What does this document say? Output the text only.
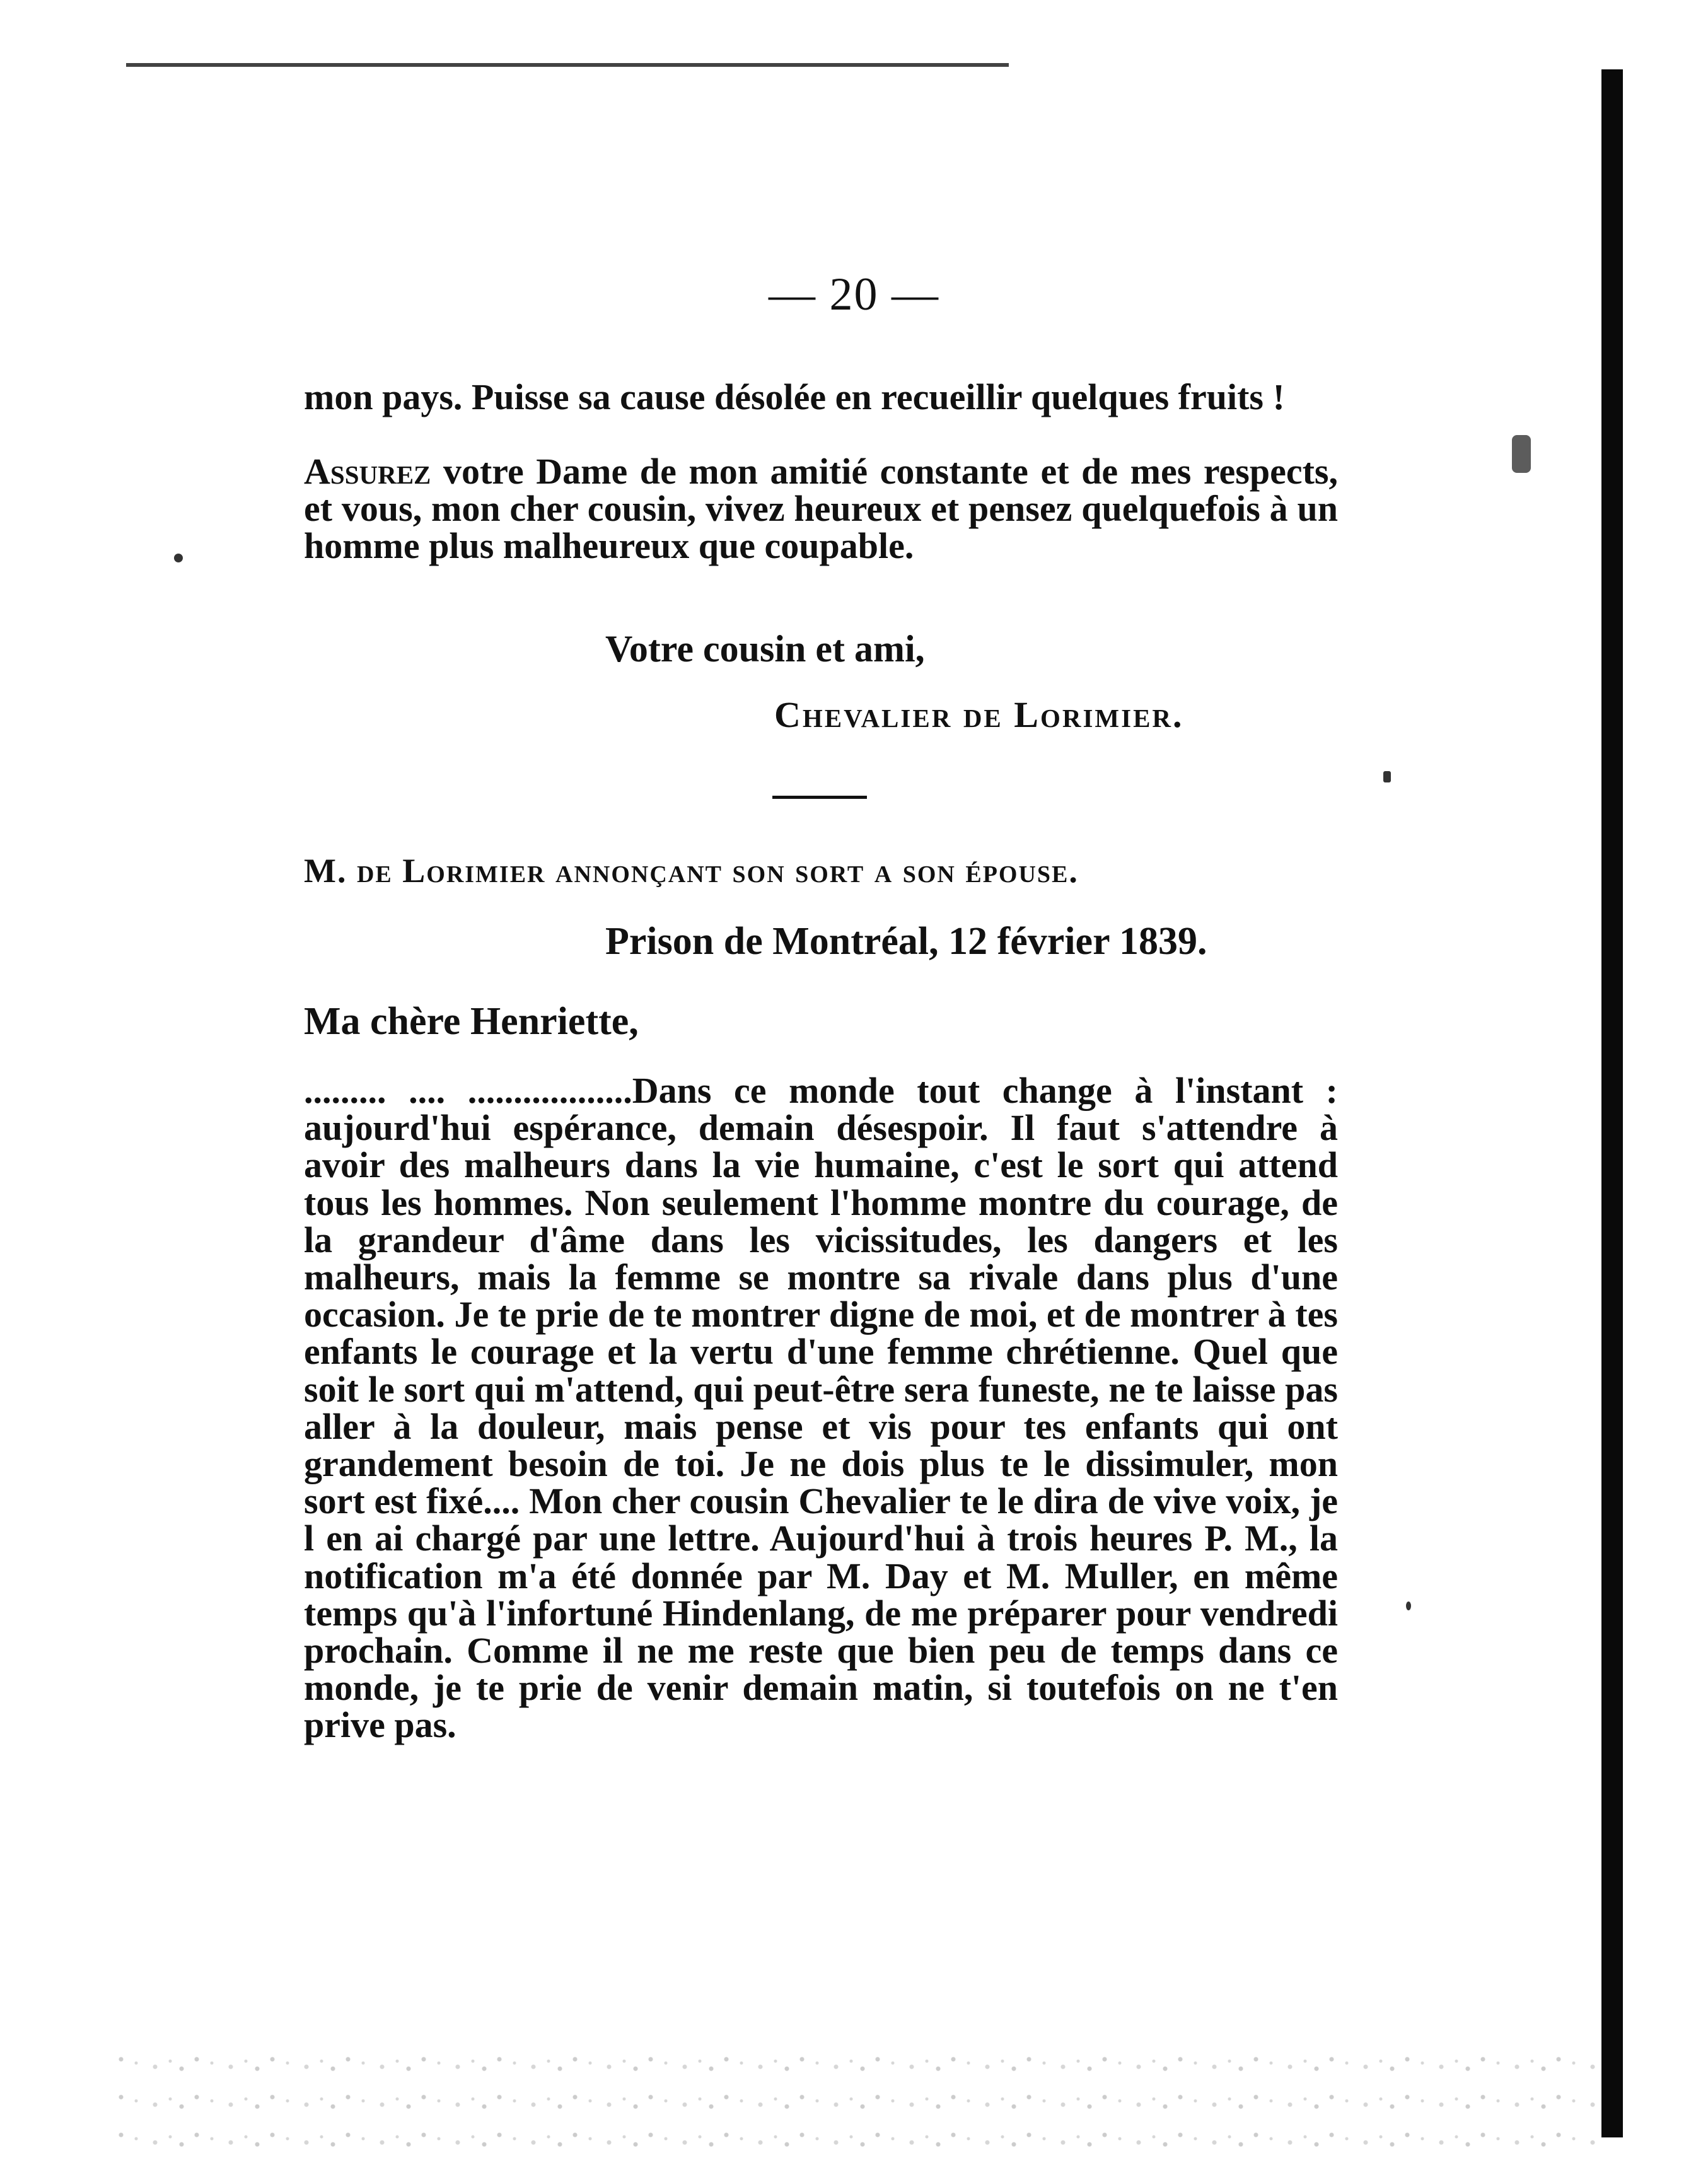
— 20 —
mon pays. Puisse sa cause désolée en recueillir quelques fruits !
Assurez votre Dame de mon amitié constante et de mes respects, et vous, mon cher cousin, vivez heureux et pensez quelquefois à un homme plus malheureux que coupable.
Votre cousin et ami,
Chevalier de Lorimier.
M. de Lorimier annonçant son sort a son épouse.
Prison de Montréal, 12 février 1839.
Ma chère Henriette,
......... .... ..................Dans ce monde tout change à l'instant : aujourd'hui espérance, demain désespoir. Il faut s'attendre à avoir des malheurs dans la vie humaine, c'est le sort qui attend tous les hommes. Non seulement l'homme montre du courage, de la grandeur d'âme dans les vicissitudes, les dangers et les malheurs, mais la femme se montre sa rivale dans plus d'une occasion. Je te prie de te montrer digne de moi, et de montrer à tes enfants le courage et la vertu d'une femme chrétienne. Quel que soit le sort qui m'attend, qui peut-être sera funeste, ne te laisse pas aller à la douleur, mais pense et vis pour tes enfants qui ont grandement besoin de toi. Je ne dois plus te le dissimuler, mon sort est fixé.... Mon cher cousin Chevalier te le dira de vive voix, je l en ai chargé par une lettre. Aujourd'hui à trois heures P. M., la notification m'a été donnée par M. Day et M. Muller, en même temps qu'à l'infortuné Hindenlang, de me préparer pour vendredi prochain. Comme il ne me reste que bien peu de temps dans ce monde, je te prie de venir demain matin, si toutefois on ne t'en prive pas.
